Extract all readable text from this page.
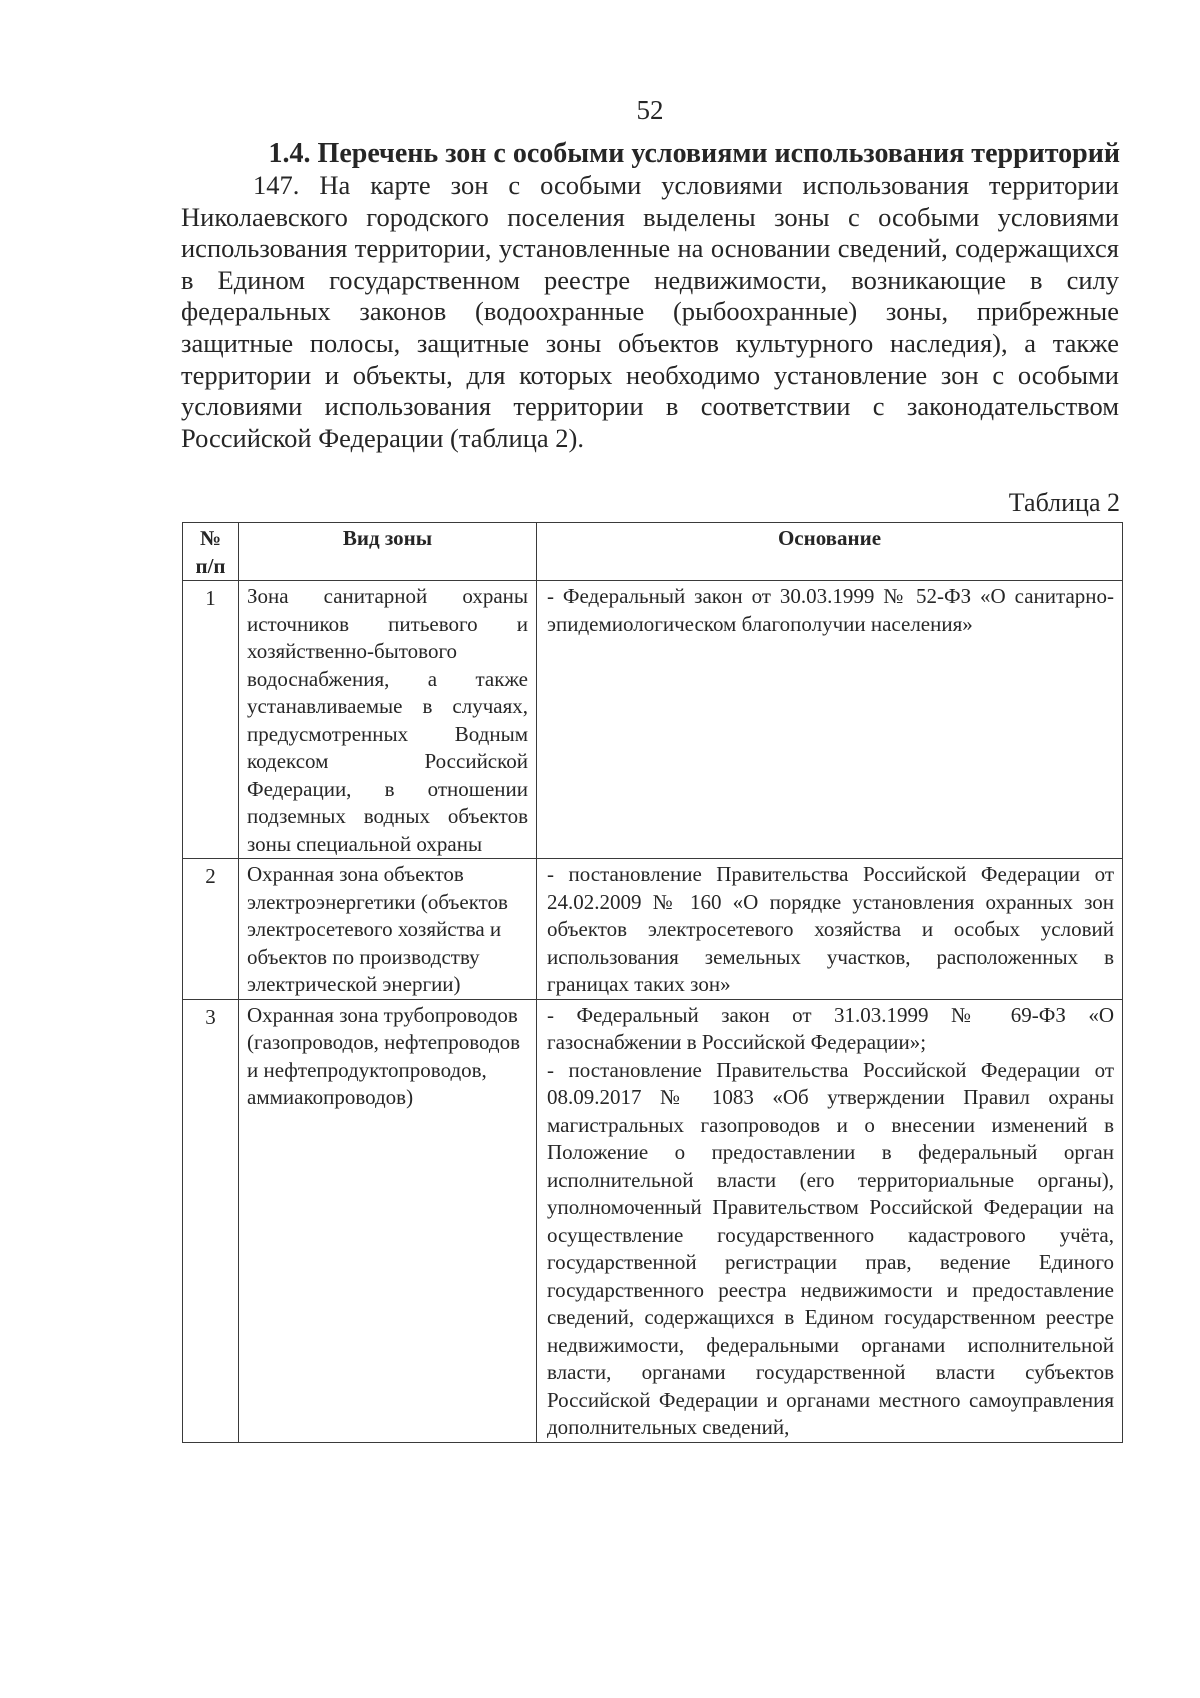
52
1.4. Перечень зон с особыми условиями использования территорий
147. На карте зон с особыми условиями использования территории Николаевского городского поселения выделены зоны с особыми условиями использования территории, установленные на основании сведений, содержащихся в Едином государственном реестре недвижимости, возникающие в силу федеральных законов (водоохранные (рыбоохранные) зоны, прибрежные защитные полосы, защитные зоны объектов культурного наследия), а также территории и объекты, для которых необходимо установление зон с особыми условиями использования территории в соответствии с законодательством Российской Федерации (таблица 2).
Таблица 2
№ п/п	Вид зоны	Основание
1	Зона санитарной охраны источников питьевого и хозяйственно-бытового водоснабжения, а также устанавливаемые в случаях, предусмотренных Водным кодексом Российской Федерации, в отношении подземных водных объектов зоны специальной охраны	- Федеральный закон от 30.03.1999 № 52-ФЗ «О санитарно-эпидемиологическом благополучии населения»

2	Охранная зона объектов электроэнергетики (объектов электросетевого хозяйства и объектов по производству электрической энергии)	- постановление Правительства Российской Федерации от 24.02.2009 № 160 «О порядке установления охранных зон объектов электросетевого хозяйства и особых условий использования земельных участков, расположенных в границах таких зон»

3	Охранная зона трубопроводов (газопроводов, нефтепроводов и нефтепродуктопроводов, аммиакопроводов)	- Федеральный закон от 31.03.1999 № 69-ФЗ «О газоснабжении в Российской Федерации»;
- постановление Правительства Российской Федерации от 08.09.2017 № 1083 «Об утверждении Правил охраны магистральных газопроводов и о внесении изменений в Положение о предоставлении в федеральный орган исполнительной власти (его территориальные органы), уполномоченный Правительством Российской Федерации на осуществление государственного кадастрового учёта, государственной регистрации прав, ведение Единого государственного реестра недвижимости и предоставление сведений, содержащихся в Едином государственном реестре недвижимости, федеральными органами исполнительной власти, органами государственной власти субъектов Российской Федерации и органами местного самоуправления дополнительных сведений,
